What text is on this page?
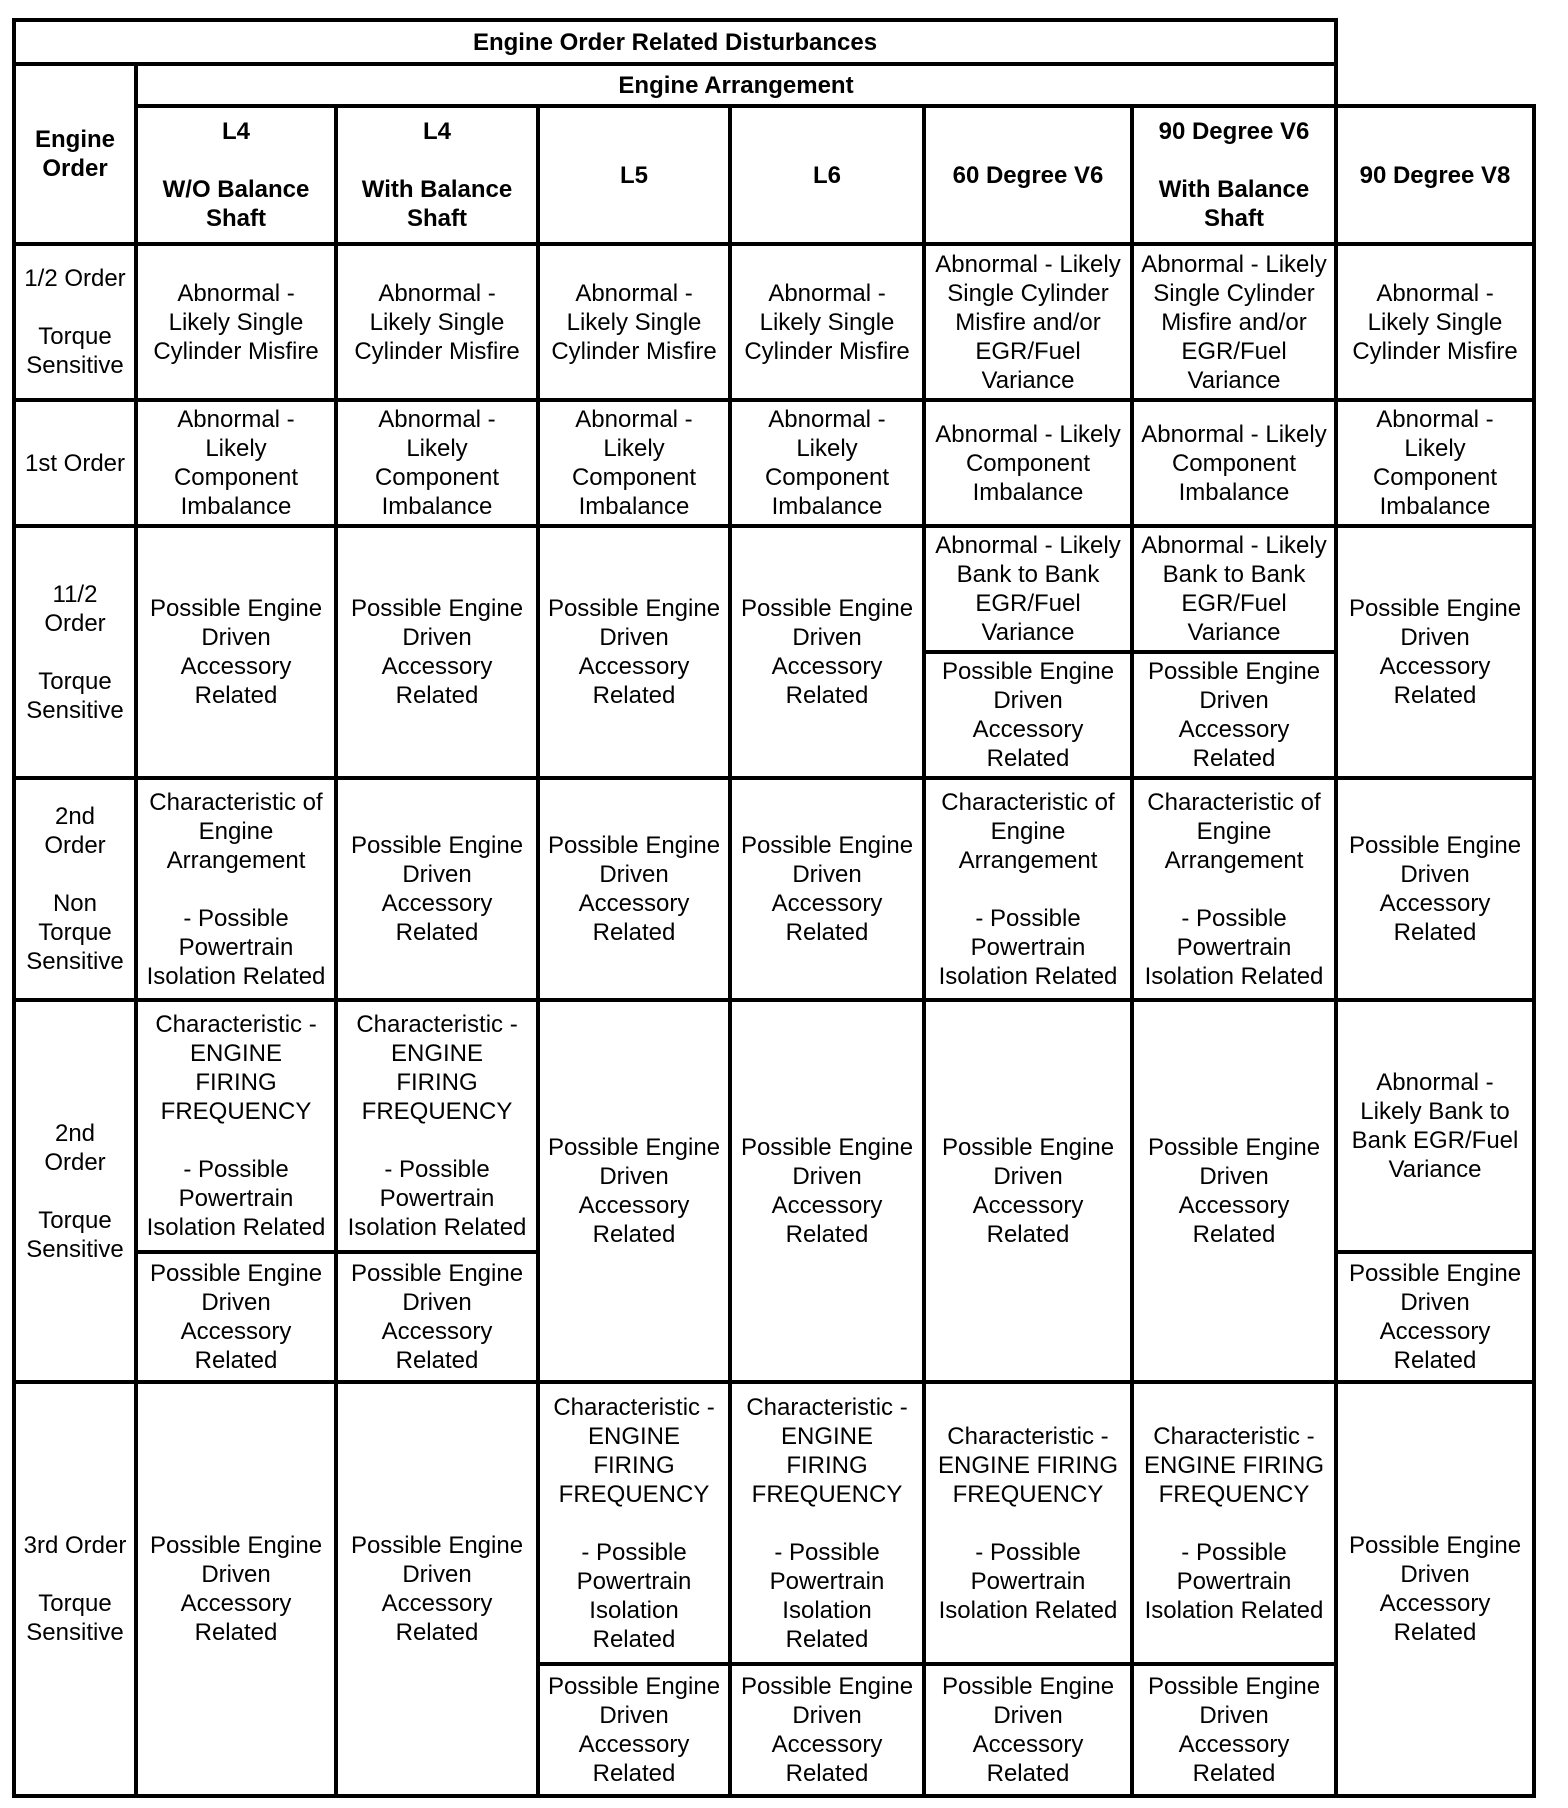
Engine Order Related Disturbances
Engine Arrangement
Engine
Order
L4

W/O Balance
Shaft
L4

With Balance
Shaft
L5	L6	60 Degree V6
90 Degree V6

With Balance
Shaft
90 Degree V8
1/2 Order

Torque
Sensitive
Abnormal -
Likely Single
Cylinder Misfire
Abnormal -
Likely Single
Cylinder Misfire
Abnormal -
Likely Single
Cylinder Misfire
Abnormal -
Likely Single
Cylinder Misfire
Abnormal - Likely
Single Cylinder
Misfire and/or
EGR/Fuel
Variance
Abnormal - Likely
Single Cylinder
Misfire and/or
EGR/Fuel
Variance
Abnormal -
Likely Single
Cylinder Misfire
1st Order
Abnormal -
Likely
Component
Imbalance
Abnormal -
Likely
Component
Imbalance
Abnormal -
Likely
Component
Imbalance
Abnormal -
Likely
Component
Imbalance
Abnormal - Likely
Component
Imbalance
Abnormal - Likely
Component
Imbalance
Abnormal -
Likely
Component
Imbalance
11/2
Order

Torque
Sensitive
Possible Engine
Driven
Accessory
Related
Possible Engine
Driven
Accessory
Related
Possible Engine
Driven
Accessory
Related
Possible Engine
Driven
Accessory
Related
Abnormal - Likely
Bank to Bank
EGR/Fuel
Variance
Possible Engine
Driven
Accessory
Related
Abnormal - Likely
Bank to Bank
EGR/Fuel
Variance
Possible Engine
Driven
Accessory
Related
Possible Engine
Driven
Accessory
Related
2nd
Order

Non
Torque
Sensitive
Characteristic of
Engine
Arrangement

- Possible
Powertrain
Isolation Related
Possible Engine
Driven
Accessory
Related
Possible Engine
Driven
Accessory
Related
Possible Engine
Driven
Accessory
Related
Characteristic of
Engine
Arrangement

- Possible
Powertrain
Isolation Related
Characteristic of
Engine
Arrangement

- Possible
Powertrain
Isolation Related
Possible Engine
Driven
Accessory
Related
2nd
Order

Torque
Sensitive
Characteristic -
ENGINE
FIRING
FREQUENCY

- Possible
Powertrain
Isolation Related
Possible Engine
Driven
Accessory
Related
Characteristic -
ENGINE
FIRING
FREQUENCY

- Possible
Powertrain
Isolation Related
Possible Engine
Driven
Accessory
Related
Possible Engine
Driven
Accessory
Related
Possible Engine
Driven
Accessory
Related
Possible Engine
Driven
Accessory
Related
Possible Engine
Driven
Accessory
Related
Abnormal -
Likely Bank to
Bank EGR/Fuel
Variance
Possible Engine
Driven
Accessory
Related
3rd Order

Torque
Sensitive
Possible Engine
Driven
Accessory
Related
Possible Engine
Driven
Accessory
Related
Characteristic -
ENGINE
FIRING
FREQUENCY

- Possible
Powertrain
Isolation
Related
Possible Engine
Driven
Accessory
Related
Characteristic -
ENGINE
FIRING
FREQUENCY

- Possible
Powertrain
Isolation
Related
Possible Engine
Driven
Accessory
Related
Characteristic -
ENGINE FIRING
FREQUENCY

- Possible
Powertrain
Isolation Related
Possible Engine
Driven
Accessory
Related
Characteristic -
ENGINE FIRING
FREQUENCY

- Possible
Powertrain
Isolation Related
Possible Engine
Driven
Accessory
Related
Possible Engine
Driven
Accessory
Related
